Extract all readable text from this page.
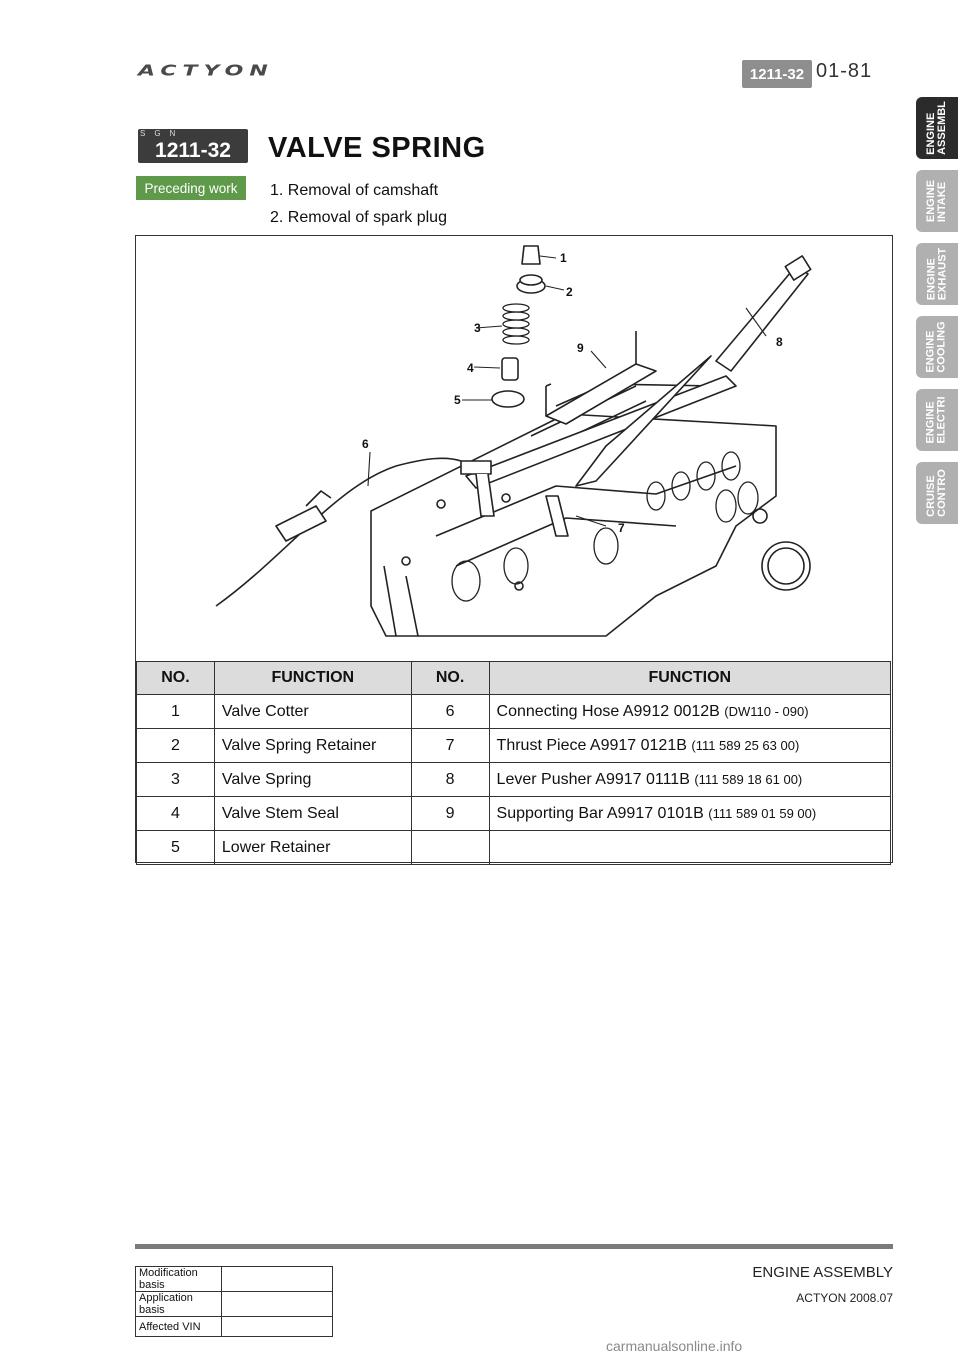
ACTYON	1211-32 01-81
ENGINE
ASSEMBL
ENGINE
INTAKE
ENGINE
EXHAUST
ENGINE
COOLING
ENGINE
ELECTRI
CRUISE
CONTRO
SGN
1211-32	VALVE SPRING
Preceding work	1. Removal of camshaft
2. Removal of spark plug
1
2
3
4
5
6
7
8
9
NO.	FUNCTION	NO.	FUNCTION
1	Valve Cotter	6	Connecting Hose A9912 0012B (DW110 - 090)
2	Valve Spring Retainer	7	Thrust Piece A9917 0121B (111 589 25 63 00)
3	Valve Spring	8	Lever Pusher A9917 0111B (111 589 18 61 00)
4	Valve Stem Seal	9	Supporting Bar A9917 0101B (111 589 01 59 00)
5	Lower Retainer		
ENGINE ASSEMBLY
ACTYON 2008.07
Modification basis	
Application basis	
Affected VIN	
carmanualsonline.info
